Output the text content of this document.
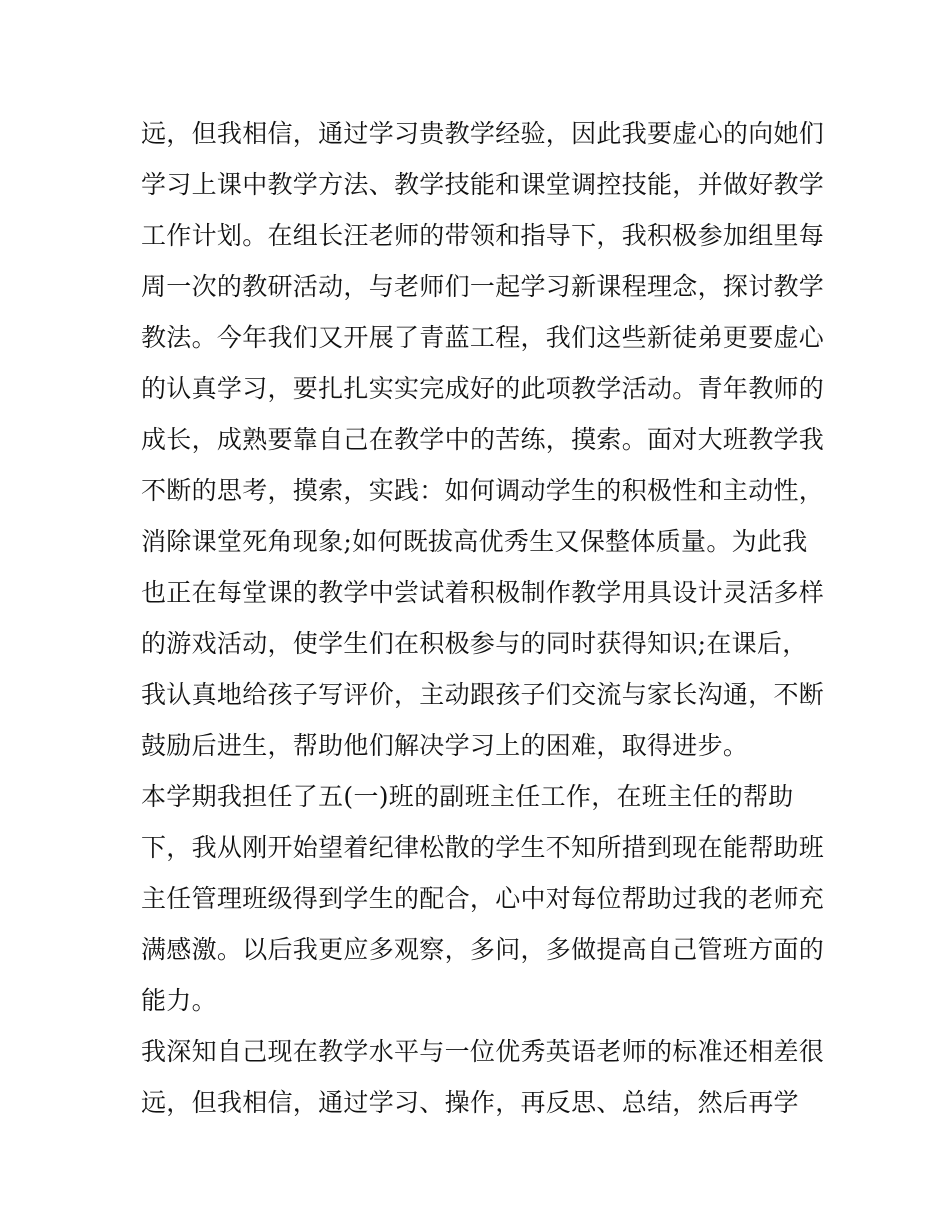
远，但我相信，通过学习贵教学经验，因此我要虚心的向她们
学习上课中教学方法、教学技能和课堂调控技能，并做好教学
工作计划。在组长汪老师的带领和指导下，我积极参加组里每
周一次的教研活动，与老师们一起学习新课程理念，探讨教学
教法。今年我们又开展了青蓝工程，我们这些新徒弟更要虚心
的认真学习，要扎扎实实完成好的此项教学活动。青年教师的
成长，成熟要靠自己在教学中的苦练，摸索。面对大班教学我
不断的思考，摸索，实践：如何调动学生的积极性和主动性，
消除课堂死角现象;如何既拔高优秀生又保整体质量。为此我
也正在每堂课的教学中尝试着积极制作教学用具设计灵活多样
的游戏活动，使学生们在积极参与的同时获得知识;在课后，
我认真地给孩子写评价，主动跟孩子们交流与家长沟通，不断
鼓励后进生，帮助他们解决学习上的困难，取得进步。
本学期我担任了五(一)班的副班主任工作，在班主任的帮助
下，我从刚开始望着纪律松散的学生不知所措到现在能帮助班
主任管理班级得到学生的配合，心中对每位帮助过我的老师充
满感激。以后我更应多观察，多问，多做提高自己管班方面的
能力。
我深知自己现在教学水平与一位优秀英语老师的标准还相差很
远，但我相信，通过学习、操作，再反思、总结，然后再学
